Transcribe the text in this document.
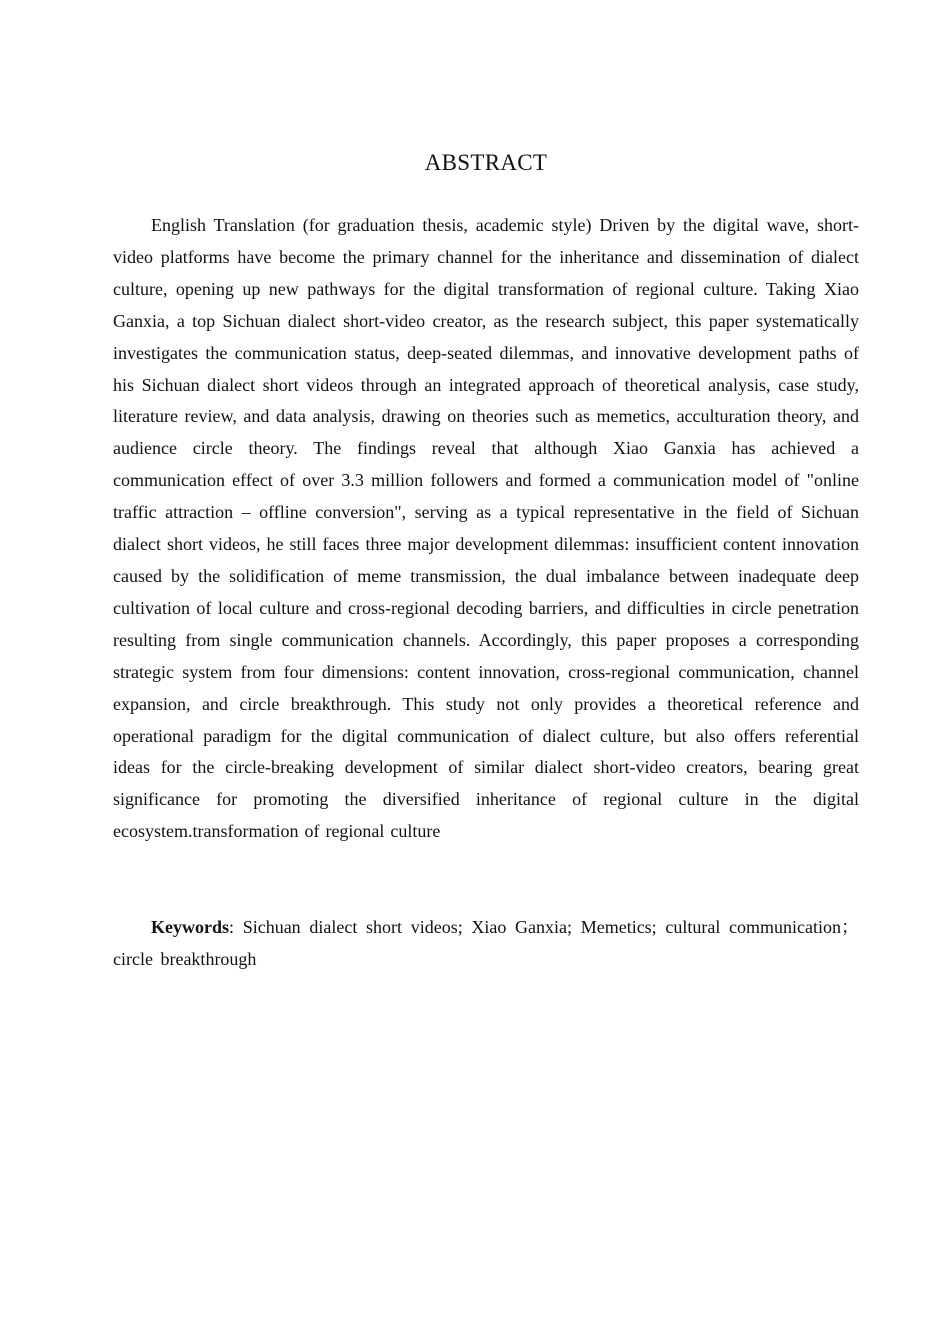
ABSTRACT

English Translation (for graduation thesis, academic style) Driven by the digital wave, short-video platforms have become the primary channel for the inheritance and dissemination of dialect culture, opening up new pathways for the digital transformation of regional culture. Taking Xiao Ganxia, a top Sichuan dialect short-video creator, as the research subject, this paper systematically investigates the communication status, deep-seated dilemmas, and innovative development paths of his Sichuan dialect short videos through an integrated approach of theoretical analysis, case study, literature review, and data analysis, drawing on theories such as memetics, acculturation theory, and audience circle theory. The findings reveal that although Xiao Ganxia has achieved a communication effect of over 3.3 million followers and formed a communication model of "online traffic attraction – offline conversion", serving as a typical representative in the field of Sichuan dialect short videos, he still faces three major development dilemmas: insufficient content innovation caused by the solidification of meme transmission, the dual imbalance between inadequate deep cultivation of local culture and cross-regional decoding barriers, and difficulties in circle penetration resulting from single communication channels. Accordingly, this paper proposes a corresponding strategic system from four dimensions: content innovation, cross-regional communication, channel expansion, and circle breakthrough. This study not only provides a theoretical reference and operational paradigm for the digital communication of dialect culture, but also offers referential ideas for the circle-breaking development of similar dialect short-video creators, bearing great significance for promoting the diversified inheritance of regional culture in the digital ecosystem.transformation of regional culture

Keywords: Sichuan dialect short videos; Xiao Ganxia; Memetics; cultural communication；circle breakthrough
